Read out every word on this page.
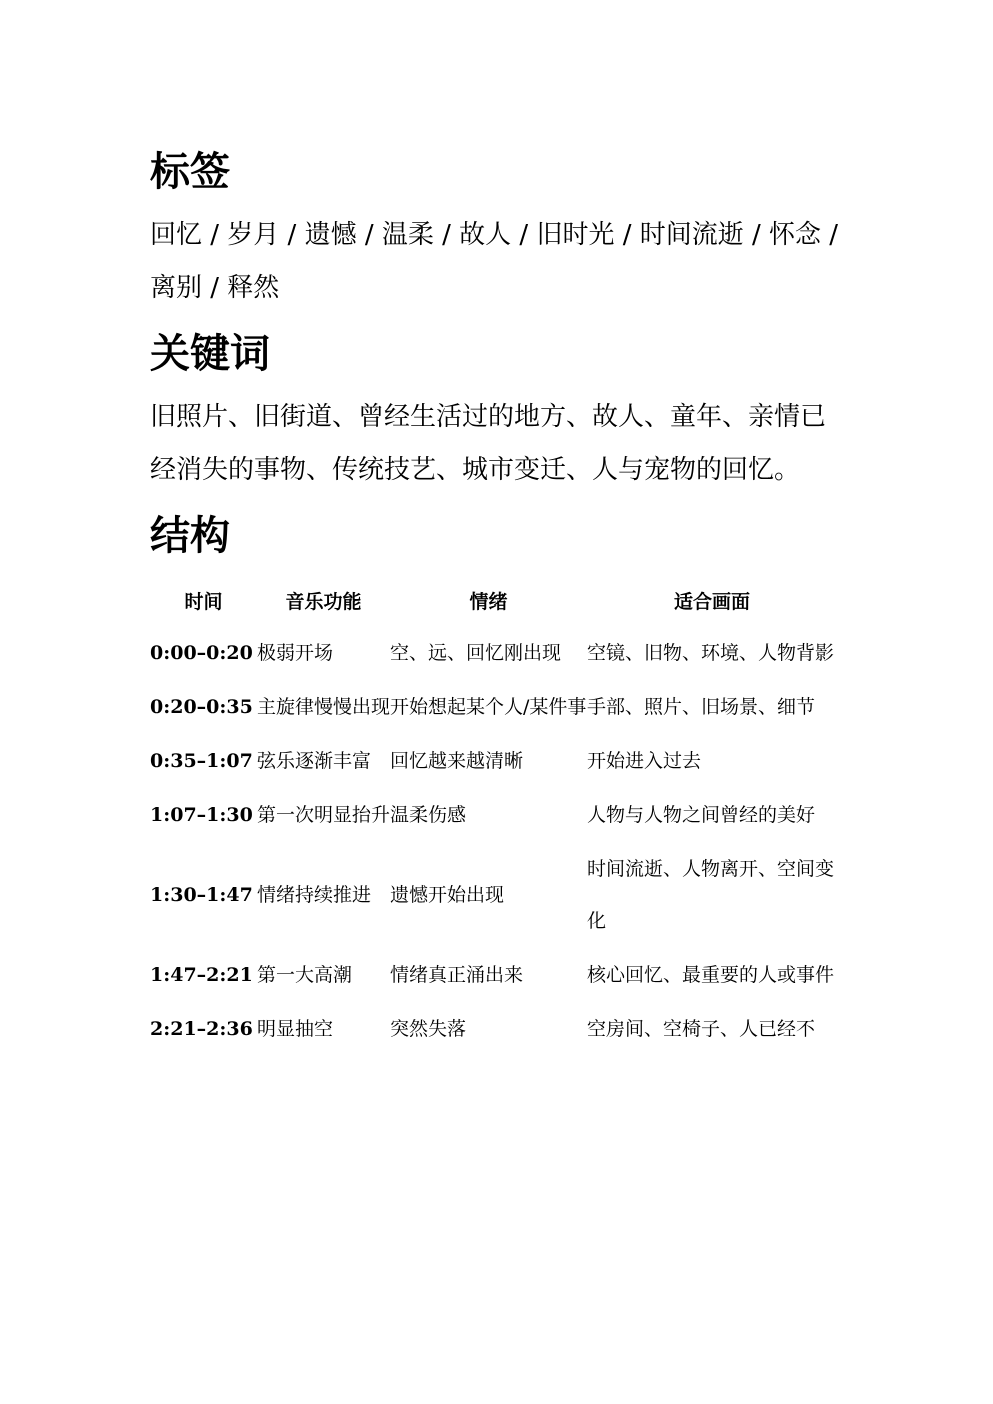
标签

回忆 / 岁月 / 遗憾 / 温柔 / 故人 / 旧时光 / 时间流逝 / 怀念 / 离别 / 释然

关键词

旧照片、旧街道、曾经生活过的地方、故人、童年、亲情已经消失的事物、传统技艺、城市变迁、人与宠物的回忆。

结构
时间	音乐功能	情绪	适合画面
0:00–0:20	极弱开场	空、远、回忆刚出现	空镜、旧物、环境、人物背影
0:20–0:35	主旋律慢慢出现	开始想起某个人/某件事	手部、照片、旧场景、细节
0:35–1:07	弦乐逐渐丰富	回忆越来越清晰	开始进入过去
1:07–1:30	第一次明显抬升	温柔伤感	人物与人物之间曾经的美好
1:30–1:47	情绪持续推进	遗憾开始出现	时间流逝、人物离开、空间变化
1:47–2:21	第一大高潮	情绪真正涌出来	核心回忆、最重要的人或事件
2:21–2:36	明显抽空	突然失落	空房间、空椅子、人已经不
